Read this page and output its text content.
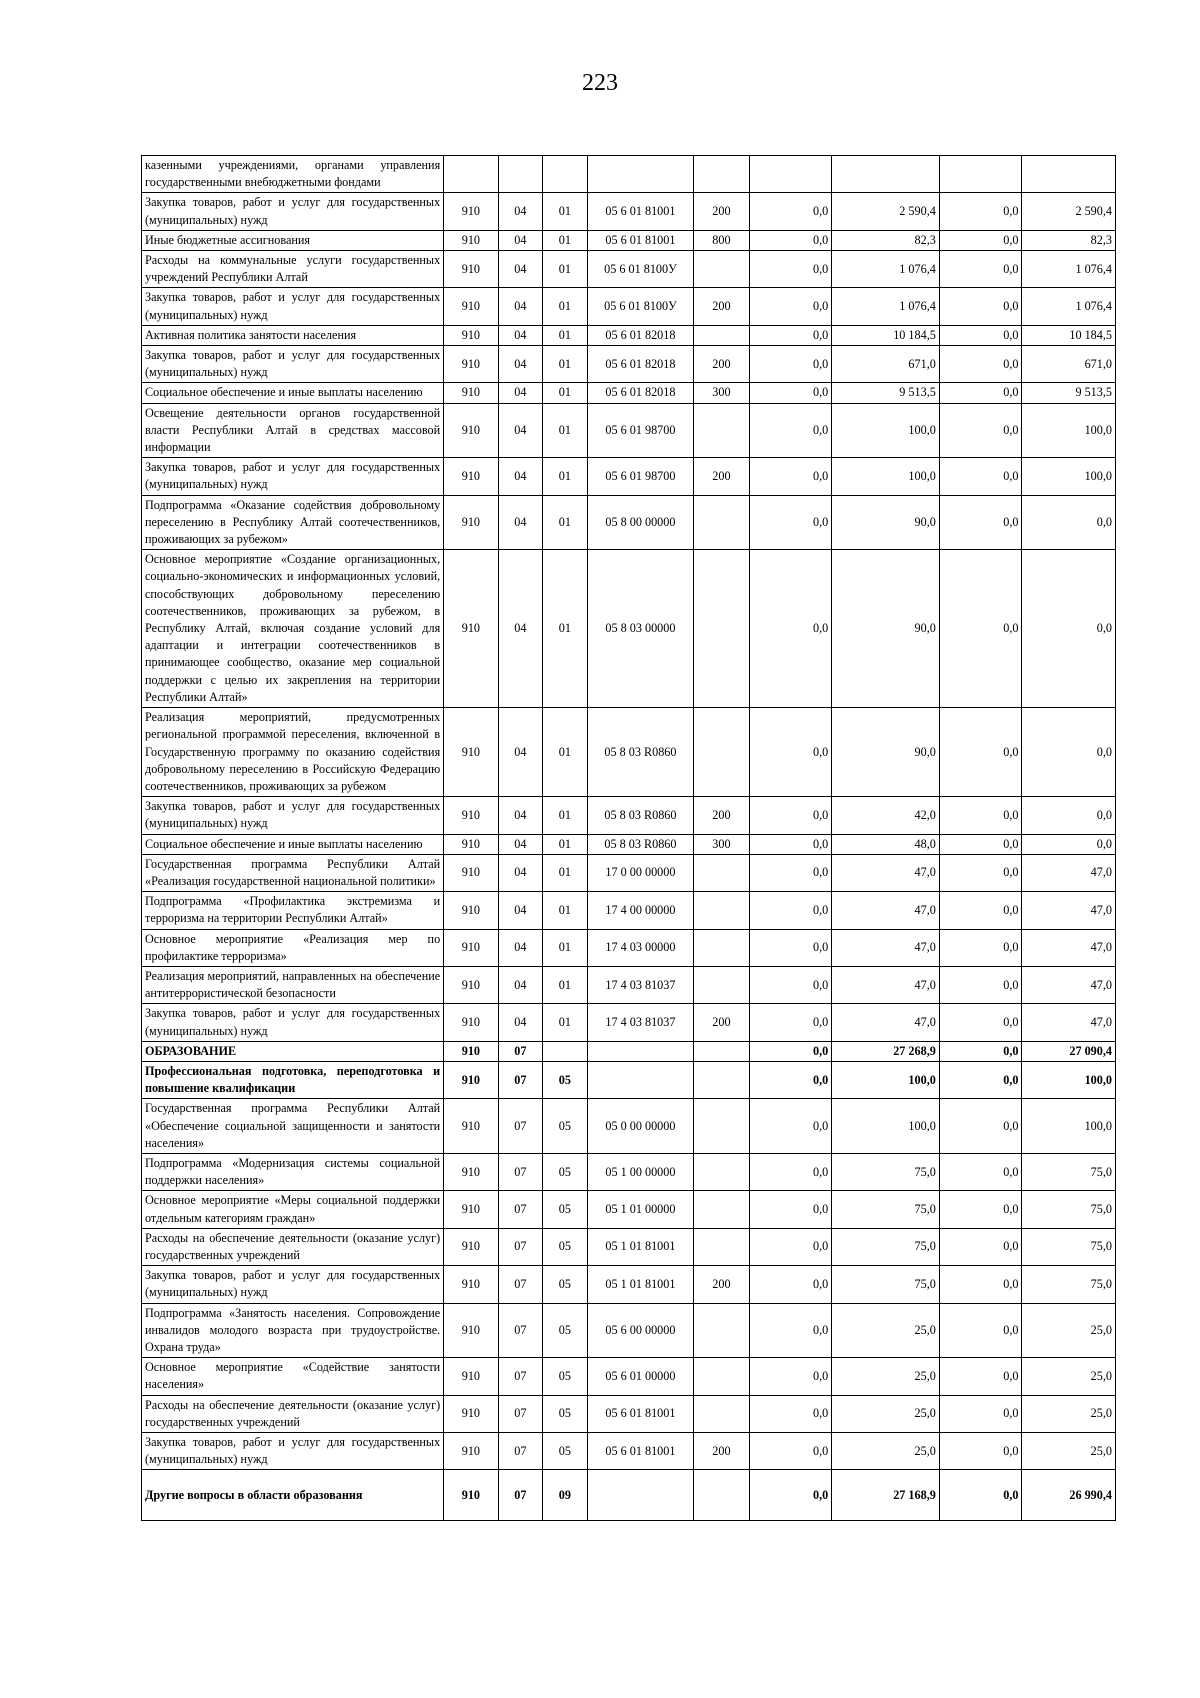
223
казенными учреждениями, органами управления государственными внебюджетными фондами									
Закупка товаров, работ и услуг для государственных (муниципальных) нужд	910	04	01	05 6 01 81001	200	0,0	2 590,4	0,0	2 590,4
Иные бюджетные ассигнования	910	04	01	05 6 01 81001	800	0,0	82,3	0,0	82,3
Расходы на коммунальные услуги государственных учреждений Республики Алтай	910	04	01	05 6 01 8100У		0,0	1 076,4	0,0	1 076,4
Закупка товаров, работ и услуг для государственных (муниципальных) нужд	910	04	01	05 6 01 8100У	200	0,0	1 076,4	0,0	1 076,4
Активная политика занятости населения	910	04	01	05 6 01 82018		0,0	10 184,5	0,0	10 184,5
Закупка товаров, работ и услуг для государственных (муниципальных) нужд	910	04	01	05 6 01 82018	200	0,0	671,0	0,0	671,0
Социальное обеспечение и иные выплаты населению	910	04	01	05 6 01 82018	300	0,0	9 513,5	0,0	9 513,5
Освещение деятельности органов государственной власти Республики Алтай в средствах массовой информации	910	04	01	05 6 01 98700		0,0	100,0	0,0	100,0
Закупка товаров, работ и услуг для государственных (муниципальных) нужд	910	04	01	05 6 01 98700	200	0,0	100,0	0,0	100,0
Подпрограмма «Оказание содействия добровольному переселению в Республику Алтай соотечественников, проживающих за рубежом»	910	04	01	05 8 00 00000		0,0	90,0	0,0	0,0
Основное мероприятие «Создание организационных, социально-экономических и информационных условий, способствующих добровольному переселению соотечественников, проживающих за рубежом, в Республику Алтай, включая создание условий для адаптации и интеграции соотечественников в принимающее сообщество, оказание мер социальной поддержки с целью их закрепления на территории Республики Алтай»	910	04	01	05 8 03 00000		0,0	90,0	0,0	0,0
Реализация мероприятий, предусмотренных региональной программой переселения, включенной в Государственную программу по оказанию содействия добровольному переселению в Российскую Федерацию соотечественников, проживающих за рубежом	910	04	01	05 8 03 R0860		0,0	90,0	0,0	0,0
Закупка товаров, работ и услуг для государственных (муниципальных) нужд	910	04	01	05 8 03 R0860	200	0,0	42,0	0,0	0,0
Социальное обеспечение и иные выплаты населению	910	04	01	05 8 03 R0860	300	0,0	48,0	0,0	0,0
Государственная программа Республики Алтай «Реализация государственной национальной политики»	910	04	01	17 0 00 00000		0,0	47,0	0,0	47,0
Подпрограмма «Профилактика экстремизма и терроризма на территории Республики Алтай»	910	04	01	17 4 00 00000		0,0	47,0	0,0	47,0
Основное мероприятие «Реализация мер по профилактике терроризма»	910	04	01	17 4 03 00000		0,0	47,0	0,0	47,0
Реализация мероприятий, направленных на обеспечение антитеррористической безопасности	910	04	01	17 4 03 81037		0,0	47,0	0,0	47,0
Закупка товаров, работ и услуг для государственных (муниципальных) нужд	910	04	01	17 4 03 81037	200	0,0	47,0	0,0	47,0
ОБРАЗОВАНИЕ	910	07				0,0	27 268,9	0,0	27 090,4
Профессиональная подготовка, переподготовка и повышение квалификации	910	07	05			0,0	100,0	0,0	100,0
Государственная программа Республики Алтай «Обеспечение социальной защищенности и занятости населения»	910	07	05	05 0 00 00000		0,0	100,0	0,0	100,0
Подпрограмма «Модернизация системы социальной поддержки населения»	910	07	05	05 1 00 00000		0,0	75,0	0,0	75,0
Основное мероприятие «Меры социальной поддержки отдельным категориям граждан»	910	07	05	05 1 01 00000		0,0	75,0	0,0	75,0
Расходы на обеспечение деятельности (оказание услуг) государственных учреждений	910	07	05	05 1 01 81001		0,0	75,0	0,0	75,0
Закупка товаров, работ и услуг для государственных (муниципальных) нужд	910	07	05	05 1 01 81001	200	0,0	75,0	0,0	75,0
Подпрограмма «Занятость населения. Сопровождение инвалидов молодого возраста при трудоустройстве. Охрана труда»	910	07	05	05 6 00 00000		0,0	25,0	0,0	25,0
Основное мероприятие «Содействие занятости населения»	910	07	05	05 6 01 00000		0,0	25,0	0,0	25,0
Расходы на обеспечение деятельности (оказание услуг) государственных учреждений	910	07	05	05 6 01 81001		0,0	25,0	0,0	25,0
Закупка товаров, работ и услуг для государственных (муниципальных) нужд	910	07	05	05 6 01 81001	200	0,0	25,0	0,0	25,0
Другие вопросы в области образования	910	07	09			0,0	27 168,9	0,0	26 990,4
